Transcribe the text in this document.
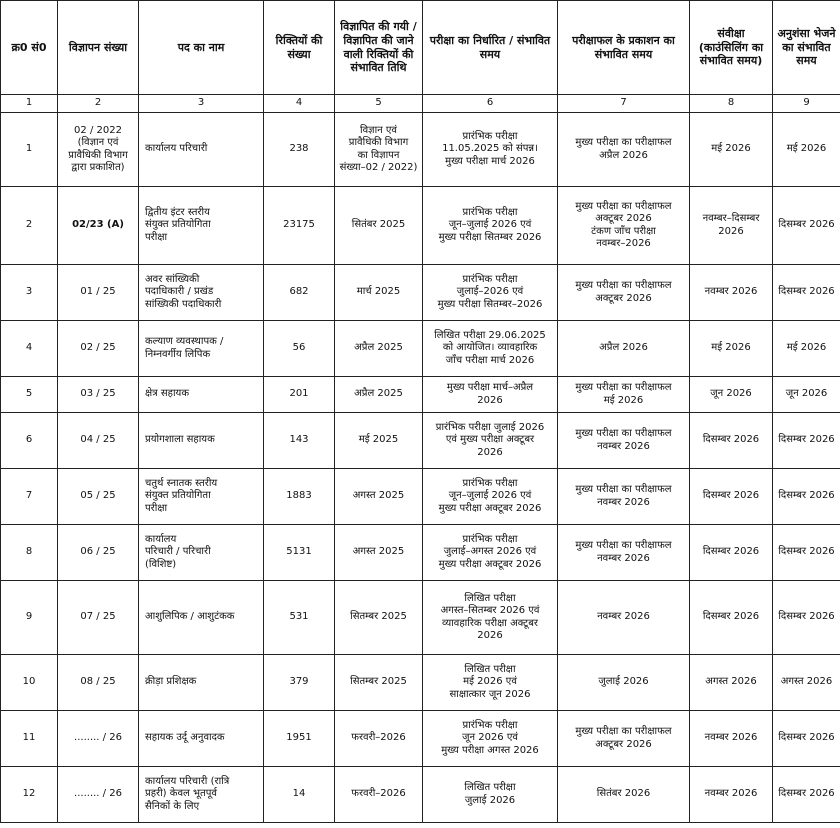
क्र0 सं0	विज्ञापन संख्या	पद का नाम	रिक्तियों की संख्या	विज्ञापित की गयी / विज्ञापित की जाने वाली रिक्तियों की संभावित तिथि	परीक्षा का निर्धारित / संभावित समय	परीक्षाफल के प्रकाशन का संभावित समय	संवीक्षा (काउंसिलिंग का संभावित समय)	अनुशंसा भेजने का संभावित समय
1	2	3	4	5	6	7	8	9
1	02 / 2022
(विज्ञान एवं
प्रावैधिकी विभाग
द्वारा प्रकाशित)	कार्यालय परिचारी	238	विज्ञान एवं
प्रावैधिकी विभाग
का विज्ञापन
संख्या–02 / 2022)	प्रारंभिक परीक्षा
11.05.2025 को संपन्न।
मुख्य परीक्षा मार्च 2026	मुख्य परीक्षा का परीक्षाफल
अप्रैल 2026	मई 2026	मई 2026
2	02/23 (A)	द्वितीय इंटर स्तरीय
संयुक्त प्रतियोगिता
परीक्षा	23175	सितंबर 2025	प्रारंभिक परीक्षा
जून–जुलाई 2026 एवं
मुख्य परीक्षा सितम्बर 2026	मुख्य परीक्षा का परीक्षाफल
अक्टूबर 2026
टंकण जाँच परीक्षा
नवम्बर–2026	नवम्बर–दिसम्बर
2026	दिसम्बर 2026
3	01 / 25	अवर सांख्यिकी
पदाधिकारी / प्रखंड
सांख्यिकी पदाधिकारी	682	मार्च 2025	प्रारंभिक परीक्षा
जुलाई–2026 एवं
मुख्य परीक्षा सितम्बर–2026	मुख्य परीक्षा का परीक्षाफल
अक्टूबर 2026	नवम्बर 2026	दिसम्बर 2026
4	02 / 25	कल्याण व्यवस्थापक /
निम्नवर्गीय लिपिक	56	अप्रैल 2025	लिखित परीक्षा 29.06.2025
को आयोजित। व्यावहारिक
जाँच परीक्षा मार्च 2026	अप्रैल 2026	मई 2026	मई 2026
5	03 / 25	क्षेत्र सहायक	201	अप्रैल 2025	मुख्य परीक्षा मार्च–अप्रैल
2026	मुख्य परीक्षा का परीक्षाफल
मई 2026	जून 2026	जून 2026
6	04 / 25	प्रयोगशाला सहायक	143	मई 2025	प्रारंभिक परीक्षा जुलाई 2026
एवं मुख्य परीक्षा अक्टूबर
2026	मुख्य परीक्षा का परीक्षाफल
नवम्बर 2026	दिसम्बर 2026	दिसम्बर 2026
7	05 / 25	चतुर्थ स्नातक स्तरीय
संयुक्त प्रतियोगिता
परीक्षा	1883	अगस्त 2025	प्रारंभिक परीक्षा
जून–जुलाई 2026 एवं
मुख्य परीक्षा अक्टूबर 2026	मुख्य परीक्षा का परीक्षाफल
नवम्बर 2026	दिसम्बर 2026	दिसम्बर 2026
8	06 / 25	कार्यालय
परिचारी / परिचारी
(विशिष्ट)	5131	अगस्त 2025	प्रारंभिक परीक्षा
जुलाई–अगस्त 2026 एवं
मुख्य परीक्षा अक्टूबर 2026	मुख्य परीक्षा का परीक्षाफल
नवम्बर 2026	दिसम्बर 2026	दिसम्बर 2026
9	07 / 25	आशुलिपिक / आशुटंकक	531	सितम्बर 2025	लिखित परीक्षा
अगस्त–सितम्बर 2026 एवं
व्यावहारिक परीक्षा अक्टूबर
2026	नवम्बर 2026	दिसम्बर 2026	दिसम्बर 2026
10	08 / 25	क्रीड़ा प्रशिक्षक	379	सितम्बर 2025	लिखित परीक्षा
मई 2026 एवं
साक्षात्कार जून 2026	जुलाई 2026	अगस्त 2026	अगस्त 2026
11	........ / 26	सहायक उर्दू अनुवादक	1951	फरवरी–2026	प्रारंभिक परीक्षा
जून 2026 एवं
मुख्य परीक्षा अगस्त 2026	मुख्य परीक्षा का परीक्षाफल
अक्टूबर 2026	नवम्बर 2026	दिसम्बर 2026
12	........ / 26	कार्यालय परिचारी (रात्रि
प्रहरी) केवल भूतपूर्व
सैनिकों के लिए	14	फरवरी–2026	लिखित परीक्षा
जुलाई 2026	सितंबर 2026	नवम्बर 2026	दिसम्बर 2026
